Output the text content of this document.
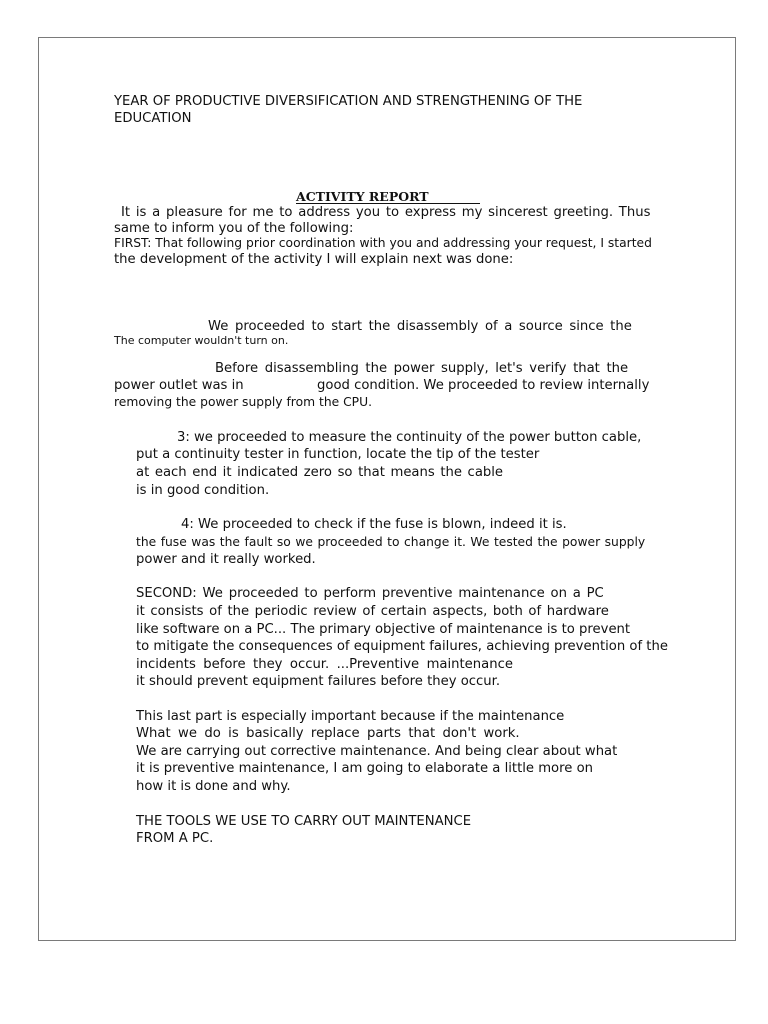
YEAR OF PRODUCTIVE DIVERSIFICATION AND STRENGTHENING OF THE
EDUCATION
ACTIVITY REPORT
It is a pleasure for me to address you to express my sincerest greeting. Thus
same to inform you of the following:
FIRST: That following prior coordination with you and addressing your request, I started
the development of the activity I will explain next was done:
We proceeded to start the disassembly of a source since the
The computer wouldn't turn on.
Before disassembling the power supply, let's verify that the
power outlet was in	good condition. We proceeded to review internally
removing the power supply from the CPU.
3: we proceeded to measure the continuity of the power button cable,
put a continuity tester in function, locate the tip of the tester
at each end it indicated zero so that means the cable
is in good condition.
4: We proceeded to check if the fuse is blown, indeed it is.
the fuse was the fault so we proceeded to change it. We tested the power supply
power and it really worked.
SECOND: We proceeded to perform preventive maintenance on a PC
it consists of the periodic review of certain aspects, both of hardware
like software on a PC... The primary objective of maintenance is to prevent
to mitigate the consequences of equipment failures, achieving prevention of the
incidents before they occur. ...Preventive maintenance
it should prevent equipment failures before they occur.
This last part is especially important because if the maintenance
What we do is basically replace parts that don't work.
We are carrying out corrective maintenance. And being clear about what
it is preventive maintenance, I am going to elaborate a little more on
how it is done and why.
THE TOOLS WE USE TO CARRY OUT MAINTENANCE
FROM A PC.
